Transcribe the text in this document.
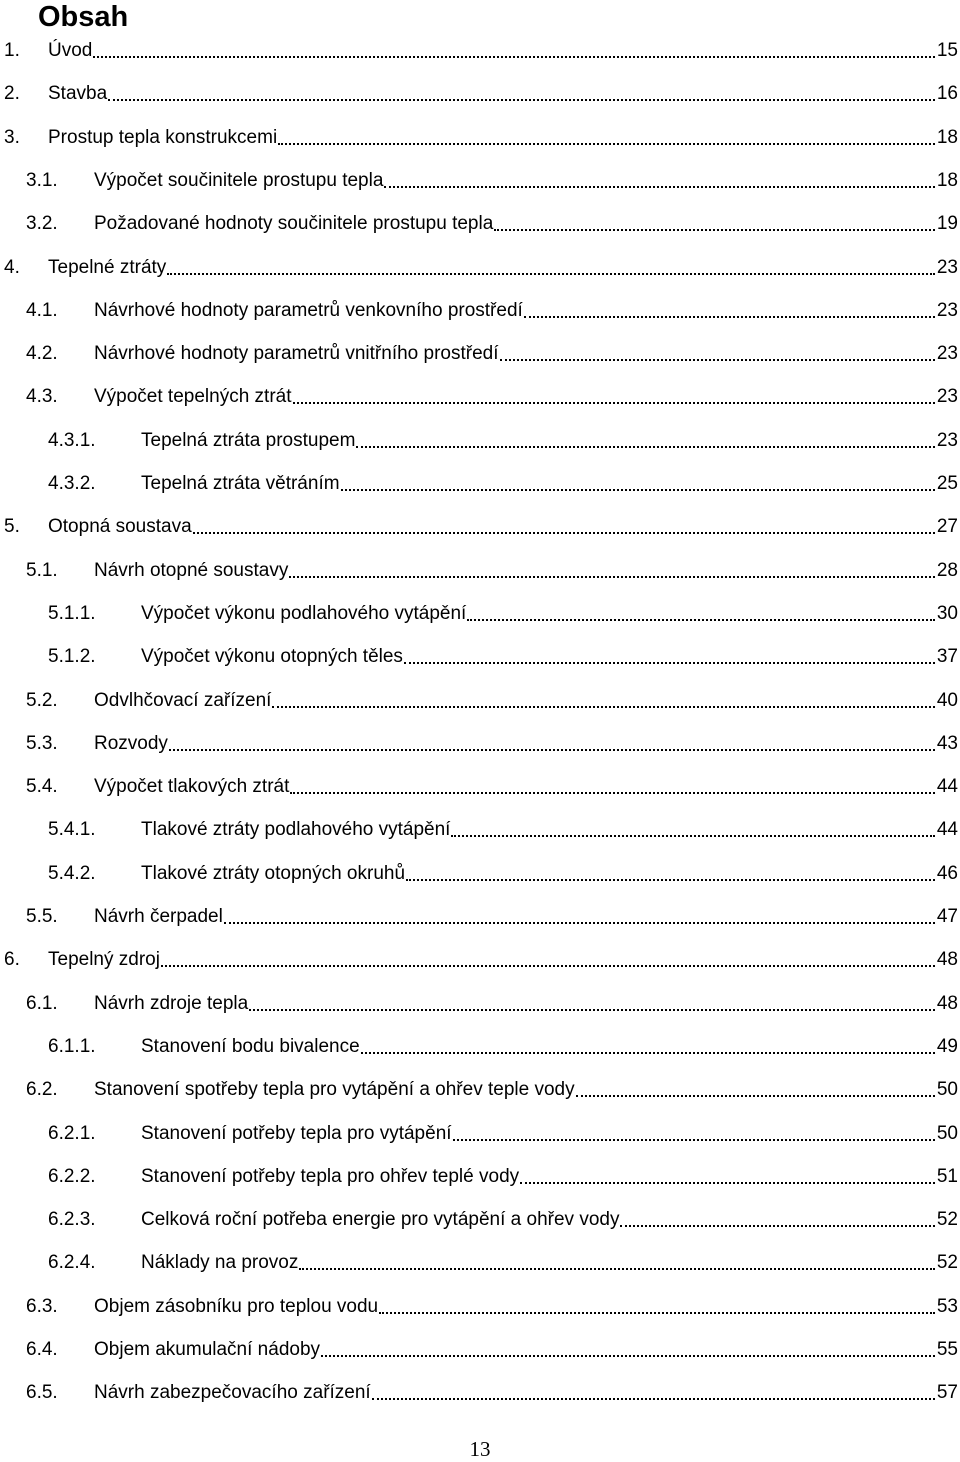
Obsah
1.	Úvod	15
2.	Stavba	16
3.	Prostup tepla konstrukcemi	18
3.1.	Výpočet součinitele prostupu tepla	18
3.2.	Požadované hodnoty součinitele prostupu tepla	19
4.	Tepelné ztráty	23
4.1.	Návrhové hodnoty parametrů venkovního prostředí	23
4.2.	Návrhové hodnoty parametrů vnitřního prostředí	23
4.3.	Výpočet tepelných ztrát	23
4.3.1.	Tepelná ztráta prostupem	23
4.3.2.	Tepelná ztráta větráním	25
5.	Otopná soustava	27
5.1.	Návrh otopné soustavy	28
5.1.1.	Výpočet výkonu podlahového vytápění	30
5.1.2.	Výpočet výkonu otopných těles	37
5.2.	Odvlhčovací zařízení	40
5.3.	Rozvody	43
5.4.	Výpočet tlakových ztrát	44
5.4.1.	Tlakové ztráty podlahového vytápění	44
5.4.2.	Tlakové ztráty otopných okruhů	46
5.5.	Návrh čerpadel	47
6.	Tepelný zdroj	48
6.1.	Návrh zdroje tepla	48
6.1.1.	Stanovení bodu bivalence	49
6.2.	Stanovení spotřeby tepla pro vytápění a ohřev teple vody	50
6.2.1.	Stanovení potřeby tepla pro vytápění	50
6.2.2.	Stanovení potřeby tepla pro ohřev teplé vody	51
6.2.3.	Celková roční potřeba energie pro vytápění a ohřev vody	52
6.2.4.	Náklady na provoz	52
6.3.	Objem zásobníku pro teplou vodu	53
6.4.	Objem akumulační nádoby	55
6.5.	Návrh zabezpečovacího zařízení	57
13
